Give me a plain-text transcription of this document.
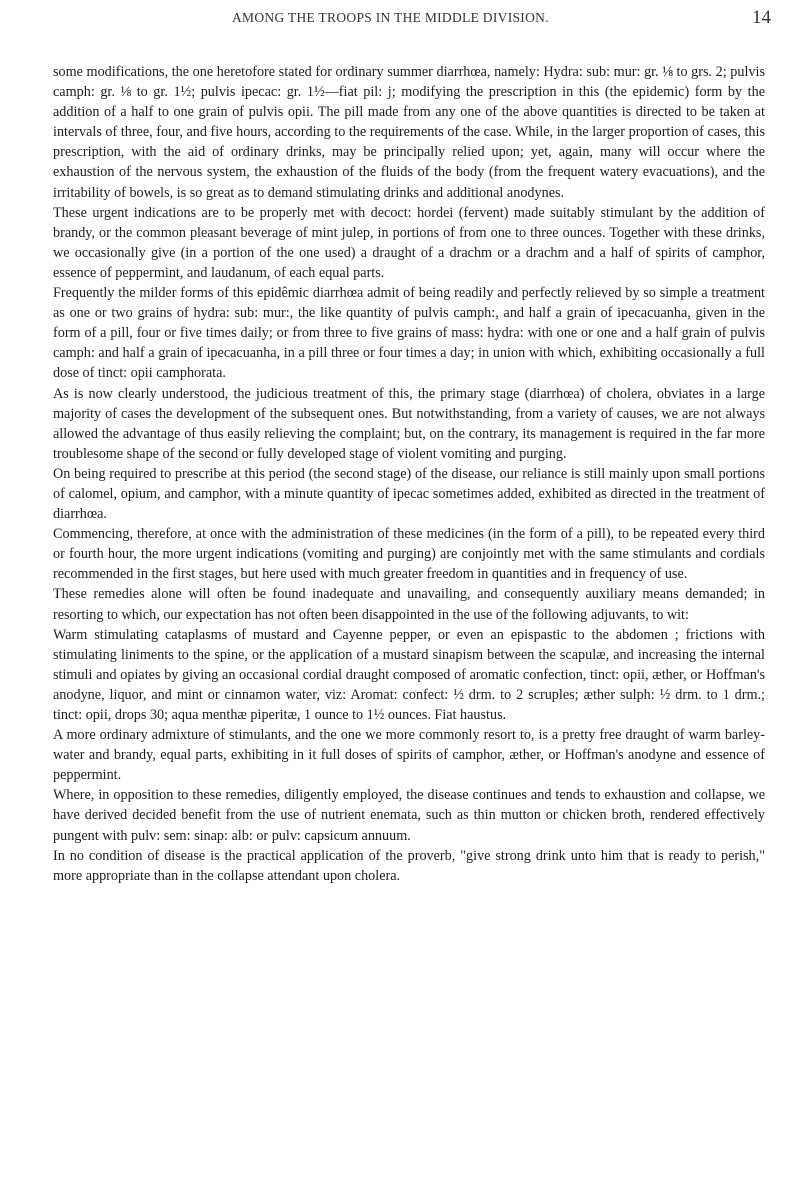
AMONG THE TROOPS IN THE MIDDLE DIVISION.	14

some modifications, the one heretofore stated for ordinary summer diarrhœa, namely: Hydra: sub: mur: gr. ⅛ to grs. 2; pulvis camph: gr. ⅛ to gr. 1½; pulvis ipecac: gr. 1½—fiat pil: j; modifying the prescription in this (the epidemic) form by the addition of a half to one grain of pulvis opii. The pill made from any one of the above quantities is directed to be taken at intervals of three, four, and five hours, according to the requirements of the case. While, in the larger proportion of cases, this prescription, with the aid of ordinary drinks, may be principally relied upon; yet, again, many will occur where the exhaustion of the nervous system, the exhaustion of the fluids of the body (from the frequent watery evacuations), and the irritability of bowels, is so great as to demand stimulating drinks and additional anodynes.

These urgent indications are to be properly met with decoct: hordei (fervent) made suitably stimulant by the addition of brandy, or the common pleasant beverage of mint julep, in portions of from one to three ounces. Together with these drinks, we occasionally give (in a portion of the one used) a draught of a drachm or a drachm and a half of spirits of camphor, essence of peppermint, and laudanum, of each equal parts.

Frequently the milder forms of this epidêmic diarrhœa admit of being readily and perfectly relieved by so simple a treatment as one or two grains of hydra: sub: mur:, the like quantity of pulvis camph:, and half a grain of ipecacuanha, given in the form of a pill, four or five times daily; or from three to five grains of mass: hydra: with one or one and a half grain of pulvis camph: and half a grain of ipecacuanha, in a pill three or four times a day; in union with which, exhibiting occasionally a full dose of tinct: opii camphorata.

As is now clearly understood, the judicious treatment of this, the primary stage (diarrhœa) of cholera, obviates in a large majority of cases the development of the subsequent ones. But notwithstanding, from a variety of causes, we are not always allowed the advantage of thus easily relieving the complaint; but, on the contrary, its management is required in the far more troublesome shape of the second or fully developed stage of violent vomiting and purging.

On being required to prescribe at this period (the second stage) of the disease, our reliance is still mainly upon small portions of calomel, opium, and camphor, with a minute quantity of ipecac sometimes added, exhibited as directed in the treatment of diarrhœa.

Commencing, therefore, at once with the administration of these medicines (in the form of a pill), to be repeated every third or fourth hour, the more urgent indications (vomiting and purging) are conjointly met with the same stimulants and cordials recommended in the first stages, but here used with much greater freedom in quantities and in frequency of use.

These remedies alone will often be found inadequate and unavailing, and consequently auxiliary means demanded; in resorting to which, our expectation has not often been disappointed in the use of the following adjuvants, to wit:

Warm stimulating cataplasms of mustard and Cayenne pepper, or even an epispastic to the abdomen ; frictions with stimulating liniments to the spine, or the application of a mustard sinapism between the scapulæ, and increasing the internal stimuli and opiates by giving an occasional cordial draught composed of aromatic confection, tinct: opii, æther, or Hoffman's anodyne, liquor, and mint or cinnamon water, viz: Aromat: confect: ½ drm. to 2 scruples; æther sulph: ½ drm. to 1 drm.; tinct: opii, drops 30; aqua menthæ piperitæ, 1 ounce to 1½ ounces. Fiat haustus.

A more ordinary admixture of stimulants, and the one we more commonly resort to, is a pretty free draught of warm barley-water and brandy, equal parts, exhibiting in it full doses of spirits of camphor, æther, or Hoffman's anodyne and essence of peppermint.

Where, in opposition to these remedies, diligently employed, the disease continues and tends to exhaustion and collapse, we have derived decided benefit from the use of nutrient enemata, such as thin mutton or chicken broth, rendered effectively pungent with pulv: sem: sinap: alb: or pulv: capsicum annuum.

In no condition of disease is the practical application of the proverb, "give strong drink unto him that is ready to perish," more appropriate than in the collapse attendant upon cholera.
